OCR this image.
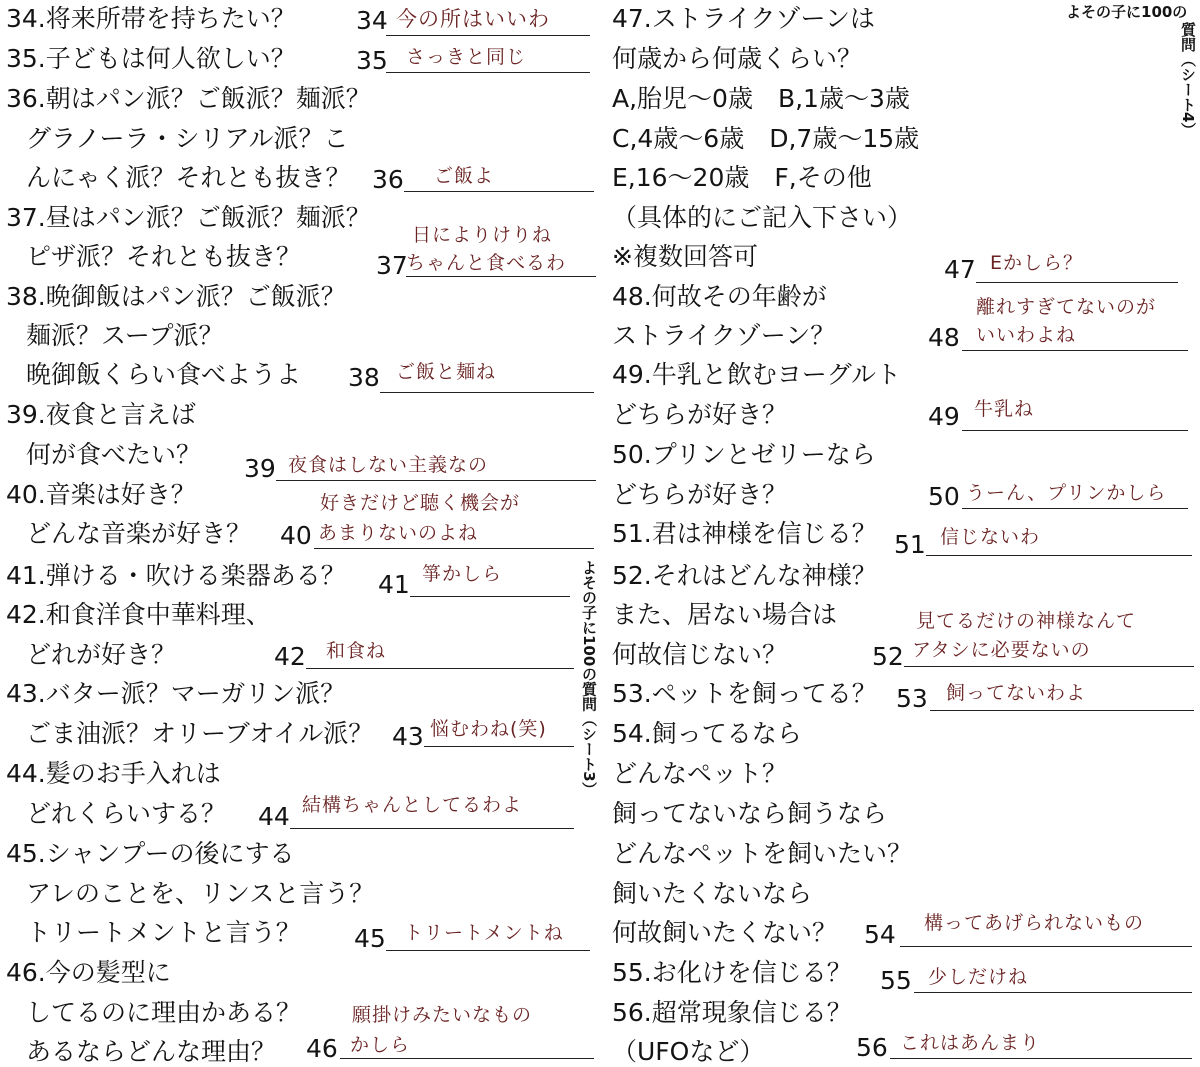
34.将来所帯を持ちたい？ 34 今の所はいいわ
35.子どもは何人欲しい？ 35 さっきと同じ
36.朝はパン派？ご飯派？麺派？
グラノーラ・シリアル派？こ
んにゃく派？それとも抜き？ 36 ご飯よ
37.昼はパン派？ご飯派？麺派？
ピザ派？それとも抜き？
日によりけりね
37
ちゃんと食べるわ
38.晩御飯はパン派？ご飯派？
麺派？スープ派？
晩御飯くらい食べようよ 38 ご飯と麺ね
39.夜食と言えば
何が食べたい？ 39 夜食はしない主義なの
40.音楽は好き？
どんな音楽が好き？
好きだけど聴く機会が
40 あまりないのよね
41.弾ける・吹ける楽器ある？ 41 箏かしら
42.和食洋食中華料理、
どれが好き？	42 和食ね
43.バター派？マーガリン派？
ごま油派？オリーブオイル派？ 43 悩むわね(笑)
44.髪のお手入れは
どれくらいする？ 44 結構ちゃんとしてるわよ
45.シャンプーの後にする
アレのことを、リンスと言う？
トリートメントと言う？ 45 トリートメントね
46.今の髪型に
してるのに理由かある？
あるならどんな理由？
願掛けみたいなもの
46 かしら
よその子に100の質問（シート3）
47.ストライクゾーンは
何歳から何歳くらい？
A,胎児〜0歳　B,1歳〜3歳
C,4歳〜6歳　D,7歳〜15歳
E,16〜20歳　F,その他
（具体的にご記入下さい）
※複数回答可	47 Eかしら？
48.何故その年齢が
ストライクゾーン？
離れすぎてないのが
48 いいわよね
49.牛乳と飲むヨーグルト
どちらが好き？	49 牛乳ね
50.プリンとゼリーなら
どちらが好き？	50 うーん、プリンかしら
51.君は神様を信じる？ 51 信じないわ
52.それはどんな神様？
また、居ない場合は
何故信じない？
見てるだけの神様なんて
52 アタシに必要ないの
53.ペットを飼ってる？ 53 飼ってないわよ
54.飼ってるなら
どんなペット？
飼ってないなら飼うなら
どんなペットを飼いたい？
飼いたくないなら
何故飼いたくない？ 54 構ってあげられないもの
55.お化けを信じる？ 55 少しだけね
56.超常現象信じる？
（UFOなど）	56 これはあんまり
よその子に100の
質問（シート4）
